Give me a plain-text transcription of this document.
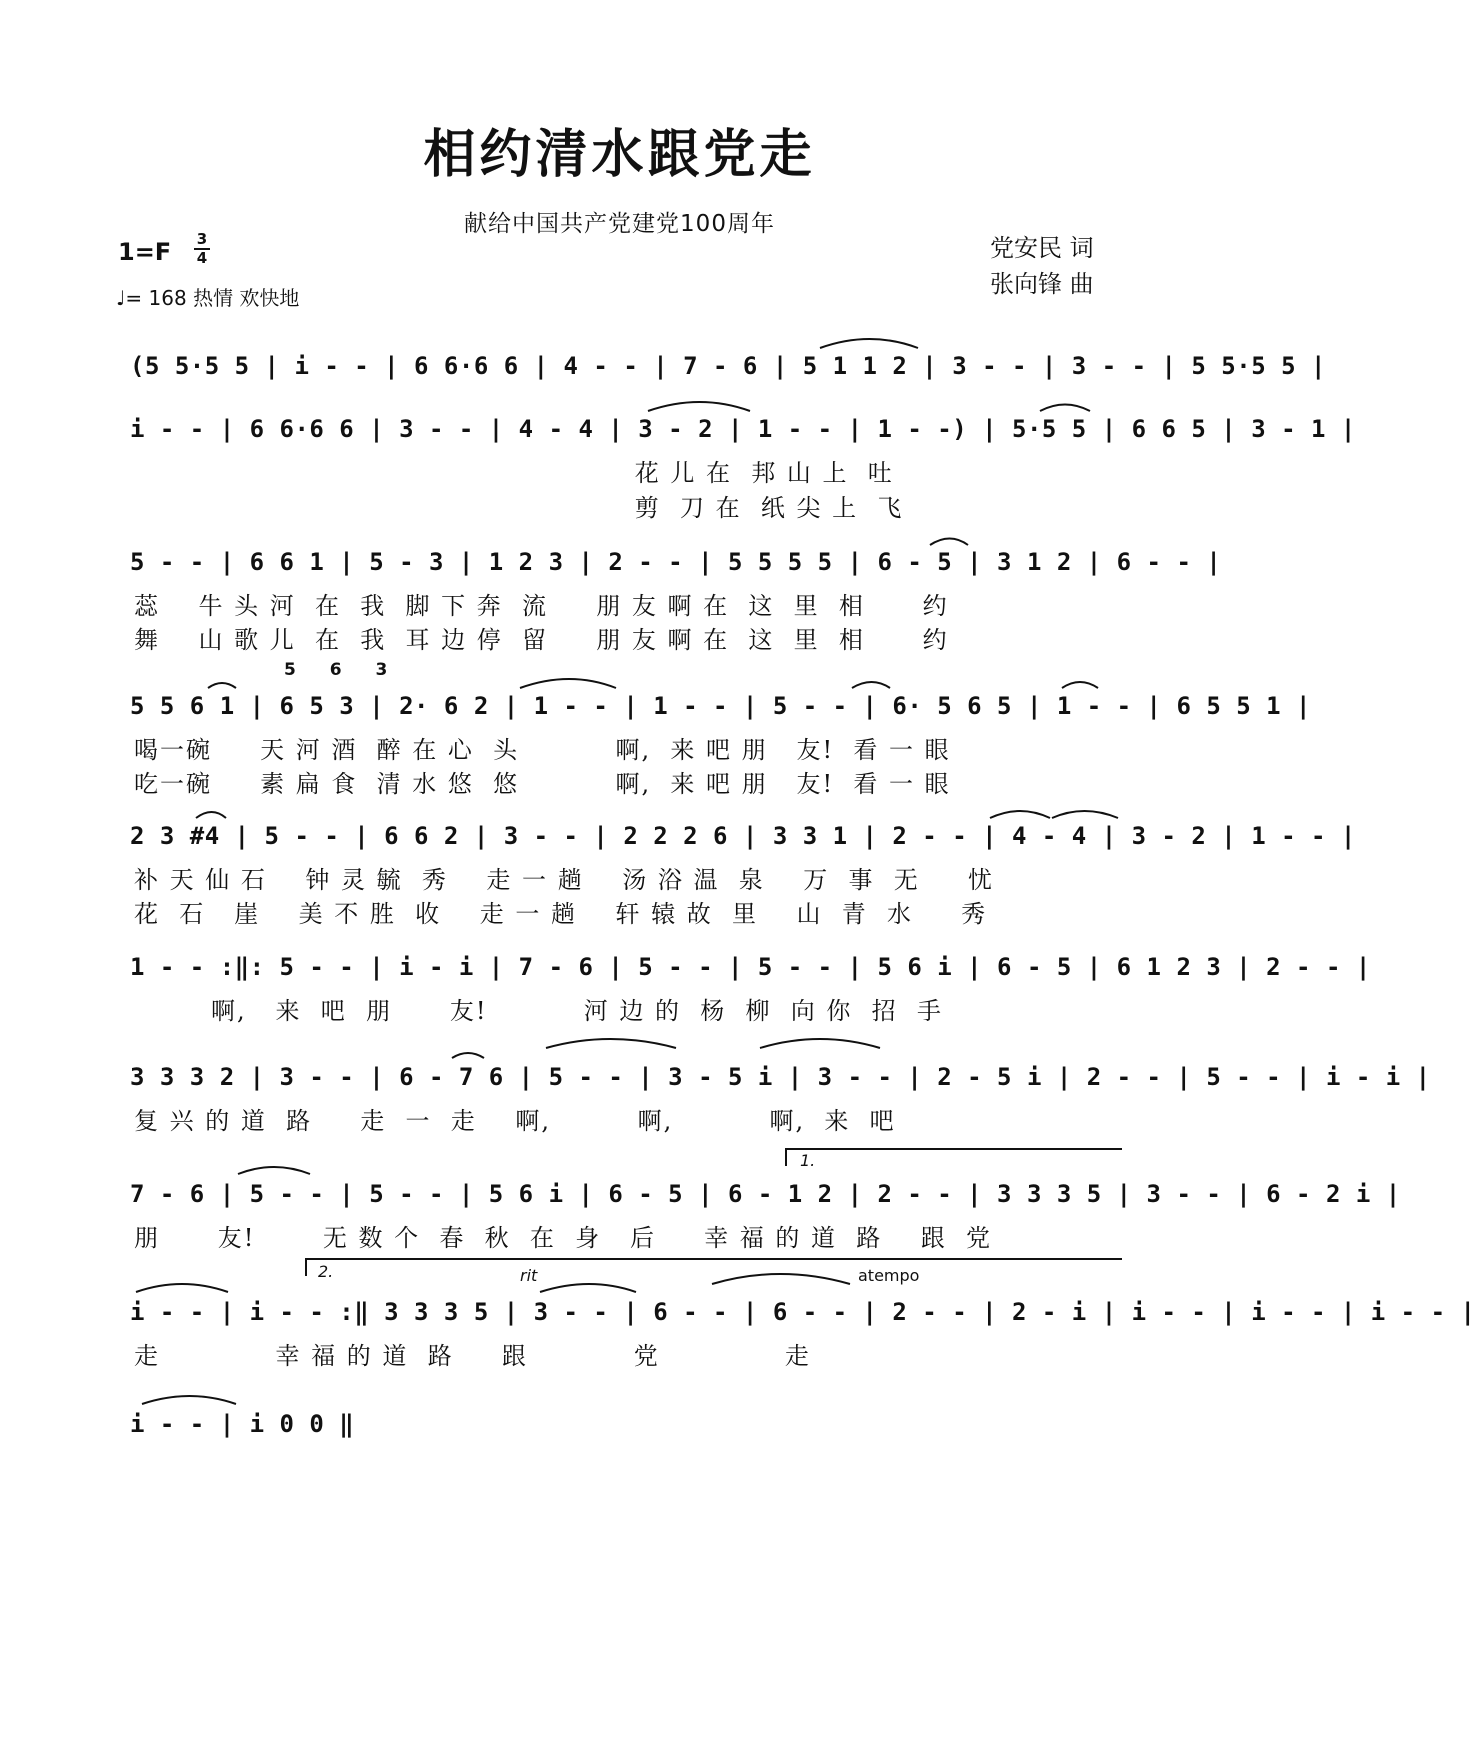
相约清水跟党走
献给中国共产党建党100周年
1=F 3
4
♩= 168 热情 欢快地
党安民 词
张向锋 曲
(5 5·5 5 | i - - | 6 6·6 6 | 4 - - | 7 - 6 | 5 1 1 2 | 3 - - | 3 - - | 5 5·5 5 |
i - - | 6 6·6 6 | 3 - - | 4 - 4 | 3 - 2 | 1 - - | 1 - -) | 5·5 5 | 6 6 5 | 3 - 1 |
花 儿 在  邦 山 上  吐
剪  刀 在  纸 尖 上  飞
5 - - | 6 6 1 | 5 - 3 | 1 2 3 | 2 - - | 5 5 5 5 | 6 - 5 | 3 1 2 | 6 - - |
蕊    牛 头 河  在  我  脚 下 奔  流     朋 友 啊 在  这  里  相      约
舞    山 歌 儿  在  我  耳 边 停  留     朋 友 啊 在  这  里  相      约
5 6 3
5 5 6 1 | 6 5 3 | 2· 6 2 | 1 - - | 1 - - | 5 - - | 6· 5 6 5 | 1 - - | 6 5 5 1 |
喝一碗     天 河 酒  醉 在 心  头          啊,  来 吧 朋   友!  看 一 眼
吃一碗     素 扁 食  清 水 悠  悠          啊,  来 吧 朋   友!  看 一 眼
2 3 #4 | 5 - - | 6 6 2 | 3 - - | 2 2 2 6 | 3 3 1 | 2 - - | 4 - 4 | 3 - 2 | 1 - - |
补 天 仙 石    钟 灵 毓  秀    走 一 趟    汤 浴 温  泉    万  事  无     忧
花  石   崖    美 不 胜  收    走 一 趟    轩 辕 故  里    山  青  水     秀
1 - - :‖: 5 - - | i - i | 7 - 6 | 5 - - | 5 - - | 5 6 i | 6 - 5 | 6 1 2 3 | 2 - - |
啊,   来  吧  朋      友!          河 边 的  杨  柳  向 你  招  手
3 3 3 2 | 3 - - | 6 - 7 6 | 5 - - | 3 - 5 i | 3 - - | 2 - 5 i | 2 - - | 5 - - | i - i |
复 兴 的 道  路     走  一  走    啊,         啊,          啊,  来  吧
1.
7 - 6 | 5 - - | 5 - - | 5 6 i | 6 - 5 | 6 - 1 2 | 2 - - | 3 3 3 5 | 3 - - | 6 - 2 i |
朋      友!       无 数 个  春  秋  在  身   后     幸 福 的 道  路    跟  党
2.	rit	atempo
i - - | i - - :‖ 3 3 3 5 | 3 - - | 6 - - | 6 - - | 2 - - | 2 - i | i - - | i - - | i - - |
走            幸 福 的 道  路     跟           党             走
i - - | i 0 0 ‖
